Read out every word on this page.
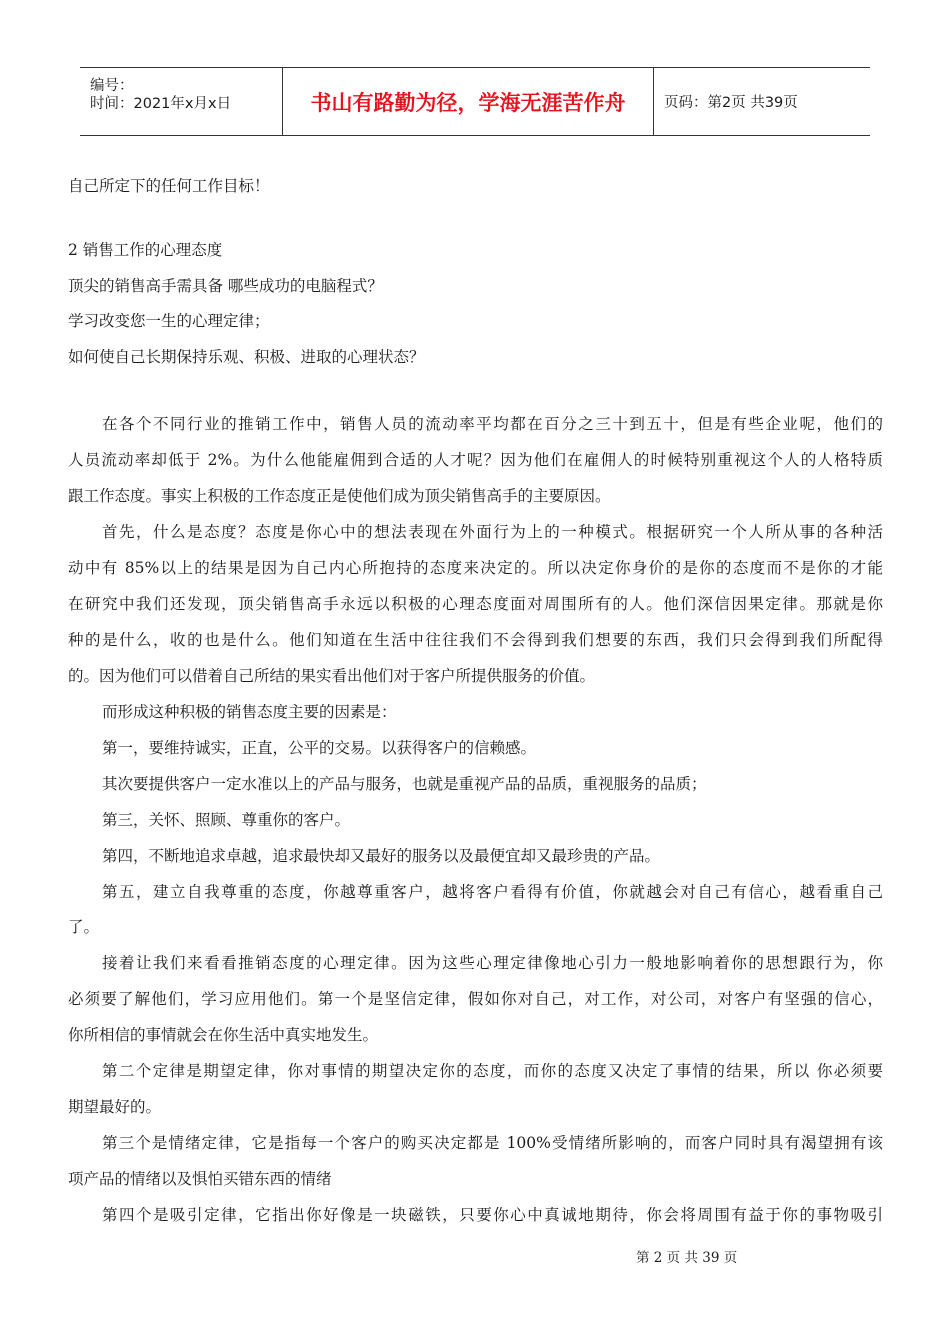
编号：
时间：2021年x月x日	书山有路勤为径，学海无涯苦作舟	页码：第2页 共39页
自己所定下的任何工作目标！
2 销售工作的心理态度
顶尖的销售高手需具备 哪些成功的电脑程式？
学习改变您一生的心理定律；
如何使自己长期保持乐观、积极、进取的心理状态？
在各个不同行业的推销工作中，销售人员的流动率平均都在百分之三十到五十，但是有些企业呢，他们的
人员流动率却低于 2%。为什么他能雇佣到合适的人才呢？因为他们在雇佣人的时候特别重视这个人的人格特质
跟工作态度。事实上积极的工作态度正是使他们成为顶尖销售高手的主要原因。
首先，什么是态度？态度是你心中的想法表现在外面行为上的一种模式。根据研究一个人所从事的各种活
动中有 85%以上的结果是因为自己内心所抱持的态度来决定的。所以决定你身价的是你的态度而不是你的才能
在研究中我们还发现，顶尖销售高手永远以积极的心理态度面对周围所有的人。他们深信因果定律。那就是你
种的是什么，收的也是什么。他们知道在生活中往往我们不会得到我们想要的东西，我们只会得到我们所配得
的。因为他们可以借着自己所结的果实看出他们对于客户所提供服务的价值。
而形成这种积极的销售态度主要的因素是：
第一，要维持诚实，正直，公平的交易。以获得客户的信赖感。
其次要提供客户一定水准以上的产品与服务，也就是重视产品的品质，重视服务的品质；
第三，关怀、照顾、尊重你的客户。
第四，不断地追求卓越，追求最快却又最好的服务以及最便宜却又最珍贵的产品。
第五，建立自我尊重的态度，你越尊重客户，越将客户看得有价值，你就越会对自己有信心，越看重自己
了。
接着让我们来看看推销态度的心理定律。因为这些心理定律像地心引力一般地影响着你的思想跟行为，你
必须要了解他们，学习应用他们。第一个是坚信定律，假如你对自己，对工作，对公司，对客户有坚强的信心，
你所相信的事情就会在你生活中真实地发生。
第二个定律是期望定律，你对事情的期望决定你的态度，而你的态度又决定了事情的结果，所以 你必须要
期望最好的。
第三个是情绪定律，它是指每一个客户的购买决定都是 100%受情绪所影响的，而客户同时具有渴望拥有该
项产品的情绪以及惧怕买错东西的情绪
第四个是吸引定律，它指出你好像是一块磁铁，只要你心中真诚地期待，你会将周围有益于你的事物吸引
第 2 页 共 39 页
